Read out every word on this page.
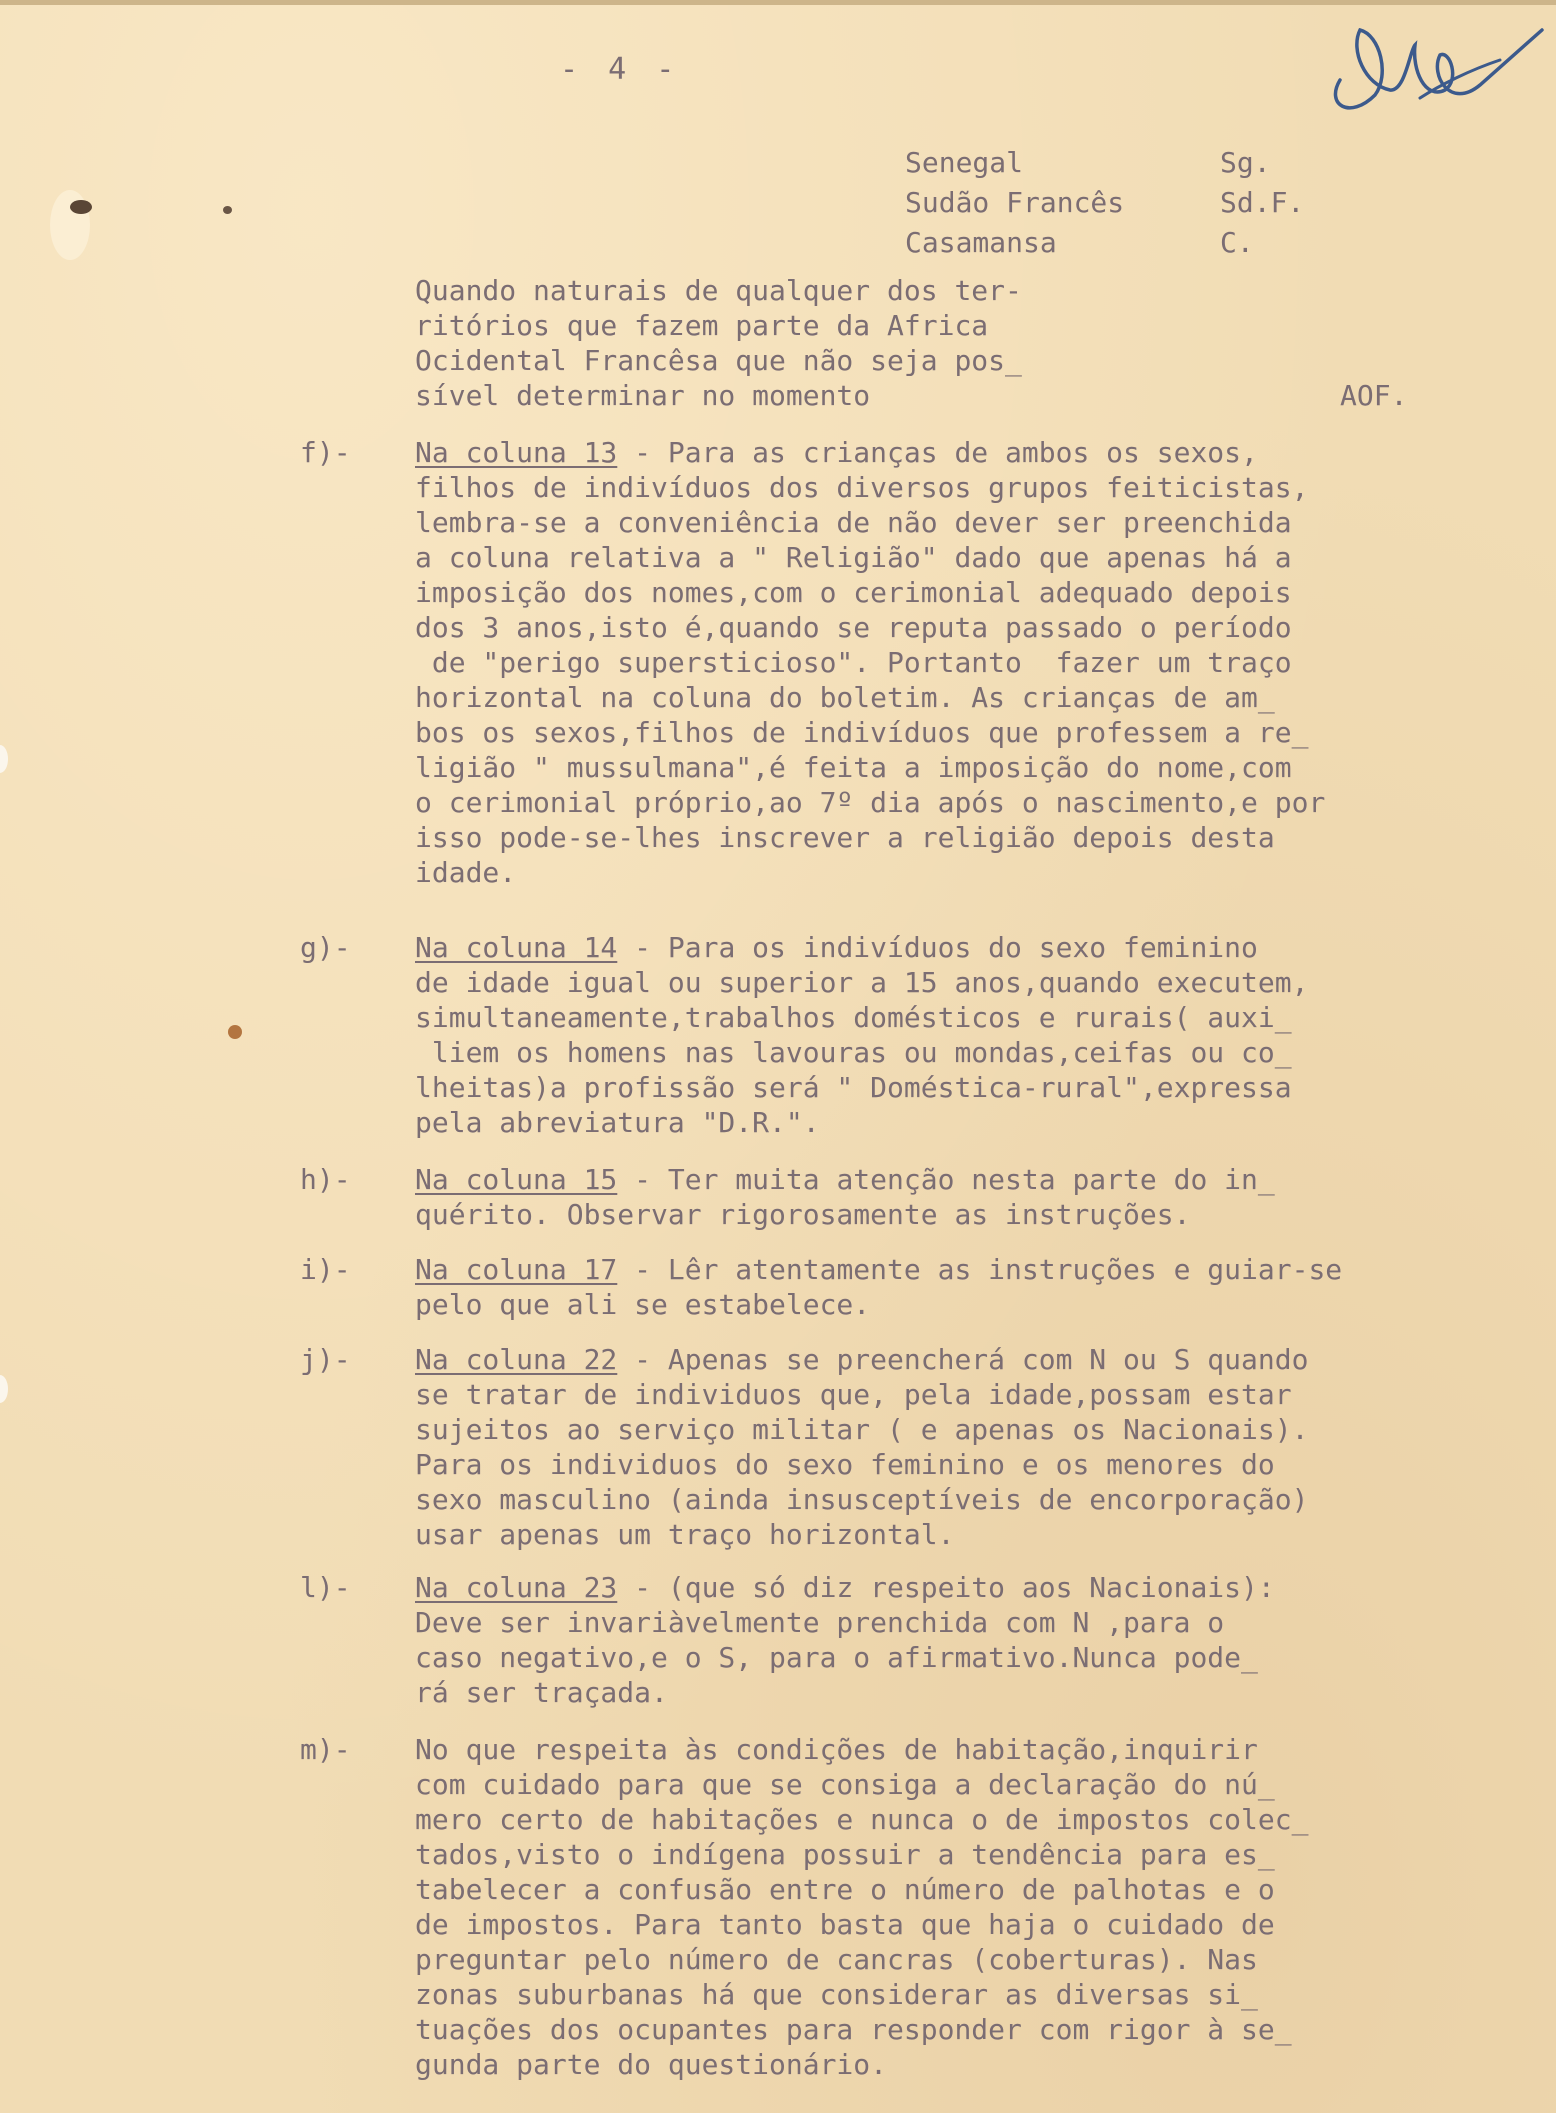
- 4 -
Senegal	Sg.
Sudão Francês	Sd.F.
Casamansa	C.
Quando naturais de qualquer dos ter-
ritórios que fazem parte da Africa
Ocidental Francêsa que não seja pos_
sível determinar no momento	AOF.
f)- Na coluna 13 - Para as crianças de ambos os sexos,
filhos de indivíduos dos diversos grupos feiticistas,
lembra-se a conveniência de não dever ser preenchida
a coluna relativa a " Religião" dado que apenas há a
imposição dos nomes,com o cerimonial adequado depois
dos 3 anos,isto é,quando se reputa passado o período
de "perigo supersticioso". Portanto  fazer um traço
horizontal na coluna do boletim. As crianças de am_
bos os sexos,filhos de indivíduos que professem a re_
ligião " mussulmana",é feita a imposição do nome,com
o cerimonial próprio,ao 7º dia após o nascimento,e por
isso pode-se-lhes inscrever a religião depois desta
idade.
g)- Na coluna 14 - Para os indivíduos do sexo feminino
de idade igual ou superior a 15 anos,quando executem,
simultaneamente,trabalhos domésticos e rurais( auxi_
liem os homens nas lavouras ou mondas,ceifas ou co_
lheitas)a profissão será " Doméstica-rural",expressa
pela abreviatura "D.R.".
h)- Na coluna 15 - Ter muita atenção nesta parte do in_
quérito. Observar rigorosamente as instruções.
i)- Na coluna 17 - Lêr atentamente as instruções e guiar-se
pelo que ali se estabelece.
j)- Na coluna 22 - Apenas se preencherá com N ou S quando
se tratar de individuos que, pela idade,possam estar
sujeitos ao serviço militar ( e apenas os Nacionais).
Para os individuos do sexo feminino e os menores do
sexo masculino (ainda insusceptíveis de encorporação)
usar apenas um traço horizontal.
l)- Na coluna 23 - (que só diz respeito aos Nacionais):
Deve ser invariàvelmente prenchida com N ,para o
caso negativo,e o S, para o afirmativo.Nunca pode_
rá ser traçada.
m)- No que respeita às condições de habitação,inquirir
com cuidado para que se consiga a declaração do nú_
mero certo de habitações e nunca o de impostos colec_
tados,visto o indígena possuir a tendência para es_
tabelecer a confusão entre o número de palhotas e o
de impostos. Para tanto basta que haja o cuidado de
preguntar pelo número de cancras (coberturas). Nas
zonas suburbanas há que considerar as diversas si_
tuações dos ocupantes para responder com rigor à se_
gunda parte do questionário.
